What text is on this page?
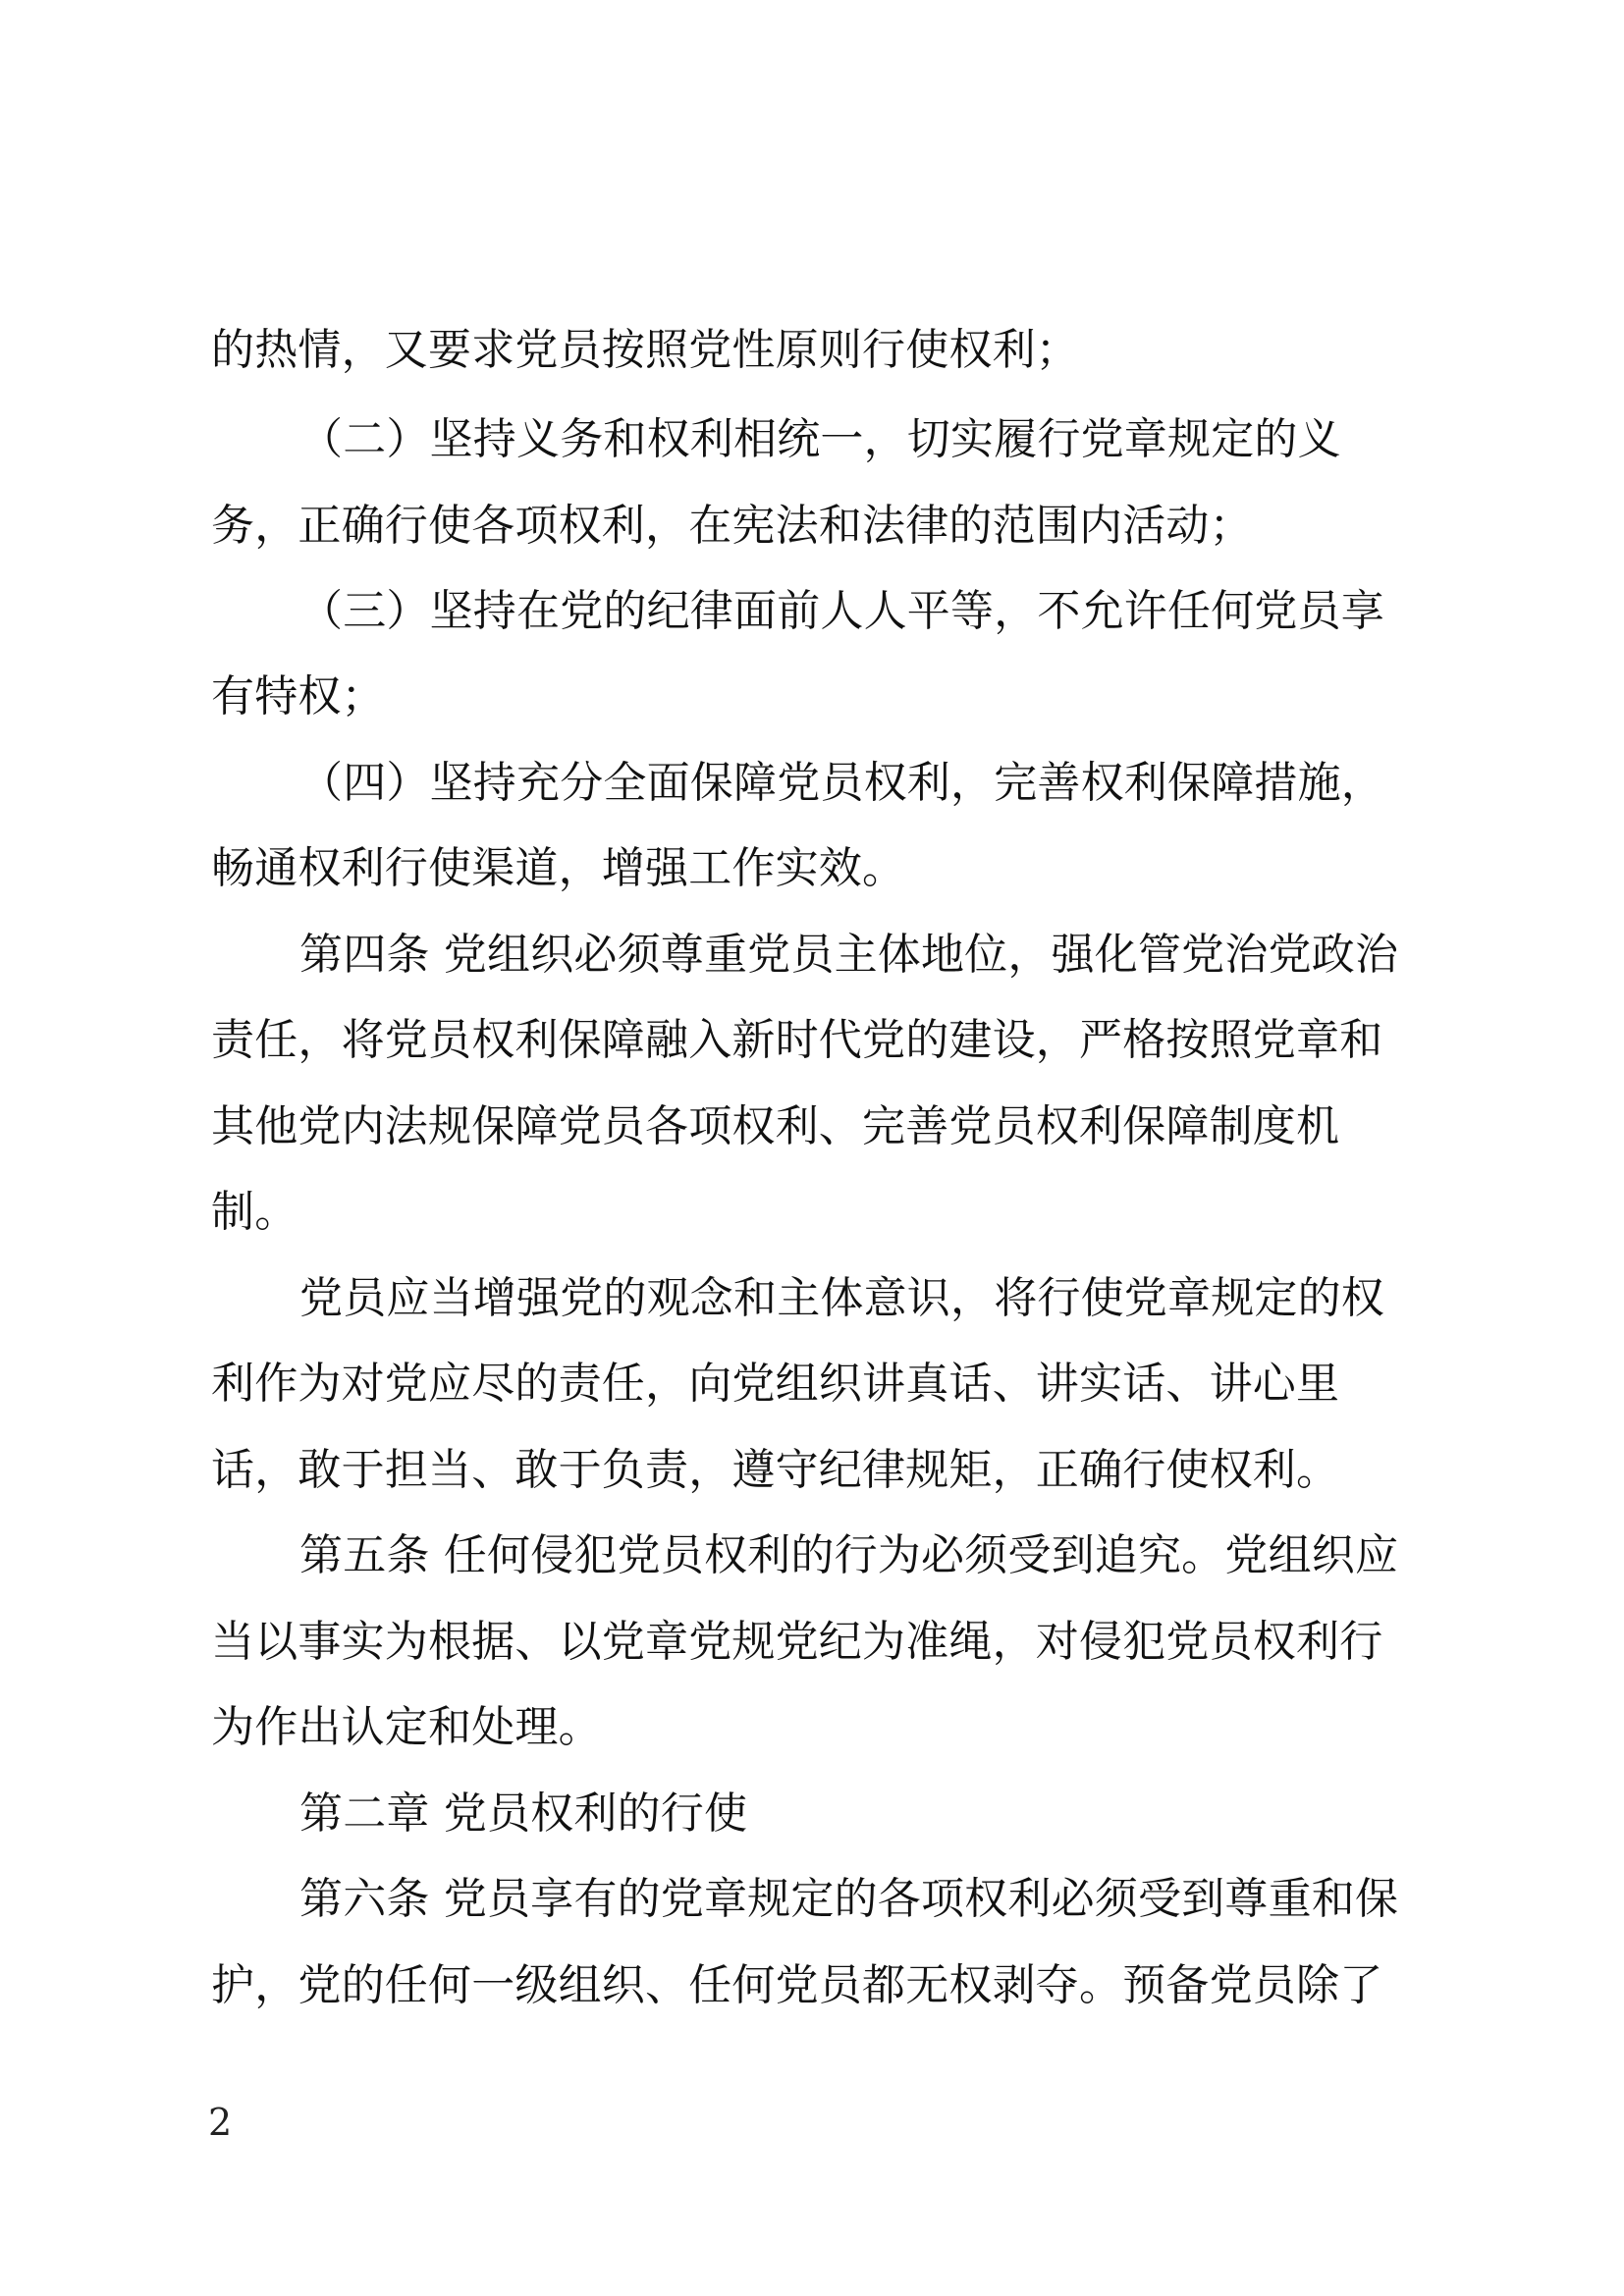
的热情，又要求党员按照党性原则行使权利；
（二）坚持义务和权利相统一，切实履行党章规定的义
务，正确行使各项权利，在宪法和法律的范围内活动；
（三）坚持在党的纪律面前人人平等，不允许任何党员享
有特权；
（四）坚持充分全面保障党员权利，完善权利保障措施，
畅通权利行使渠道，增强工作实效。
第四条 党组织必须尊重党员主体地位，强化管党治党政治
责任，将党员权利保障融入新时代党的建设，严格按照党章和
其他党内法规保障党员各项权利、完善党员权利保障制度机
制。
党员应当增强党的观念和主体意识，将行使党章规定的权
利作为对党应尽的责任，向党组织讲真话、讲实话、讲心里
话，敢于担当、敢于负责，遵守纪律规矩，正确行使权利。
第五条 任何侵犯党员权利的行为必须受到追究。党组织应
当以事实为根据、以党章党规党纪为准绳，对侵犯党员权利行
为作出认定和处理。
第二章 党员权利的行使
第六条 党员享有的党章规定的各项权利必须受到尊重和保
护，党的任何一级组织、任何党员都无权剥夺。预备党员除了
2
